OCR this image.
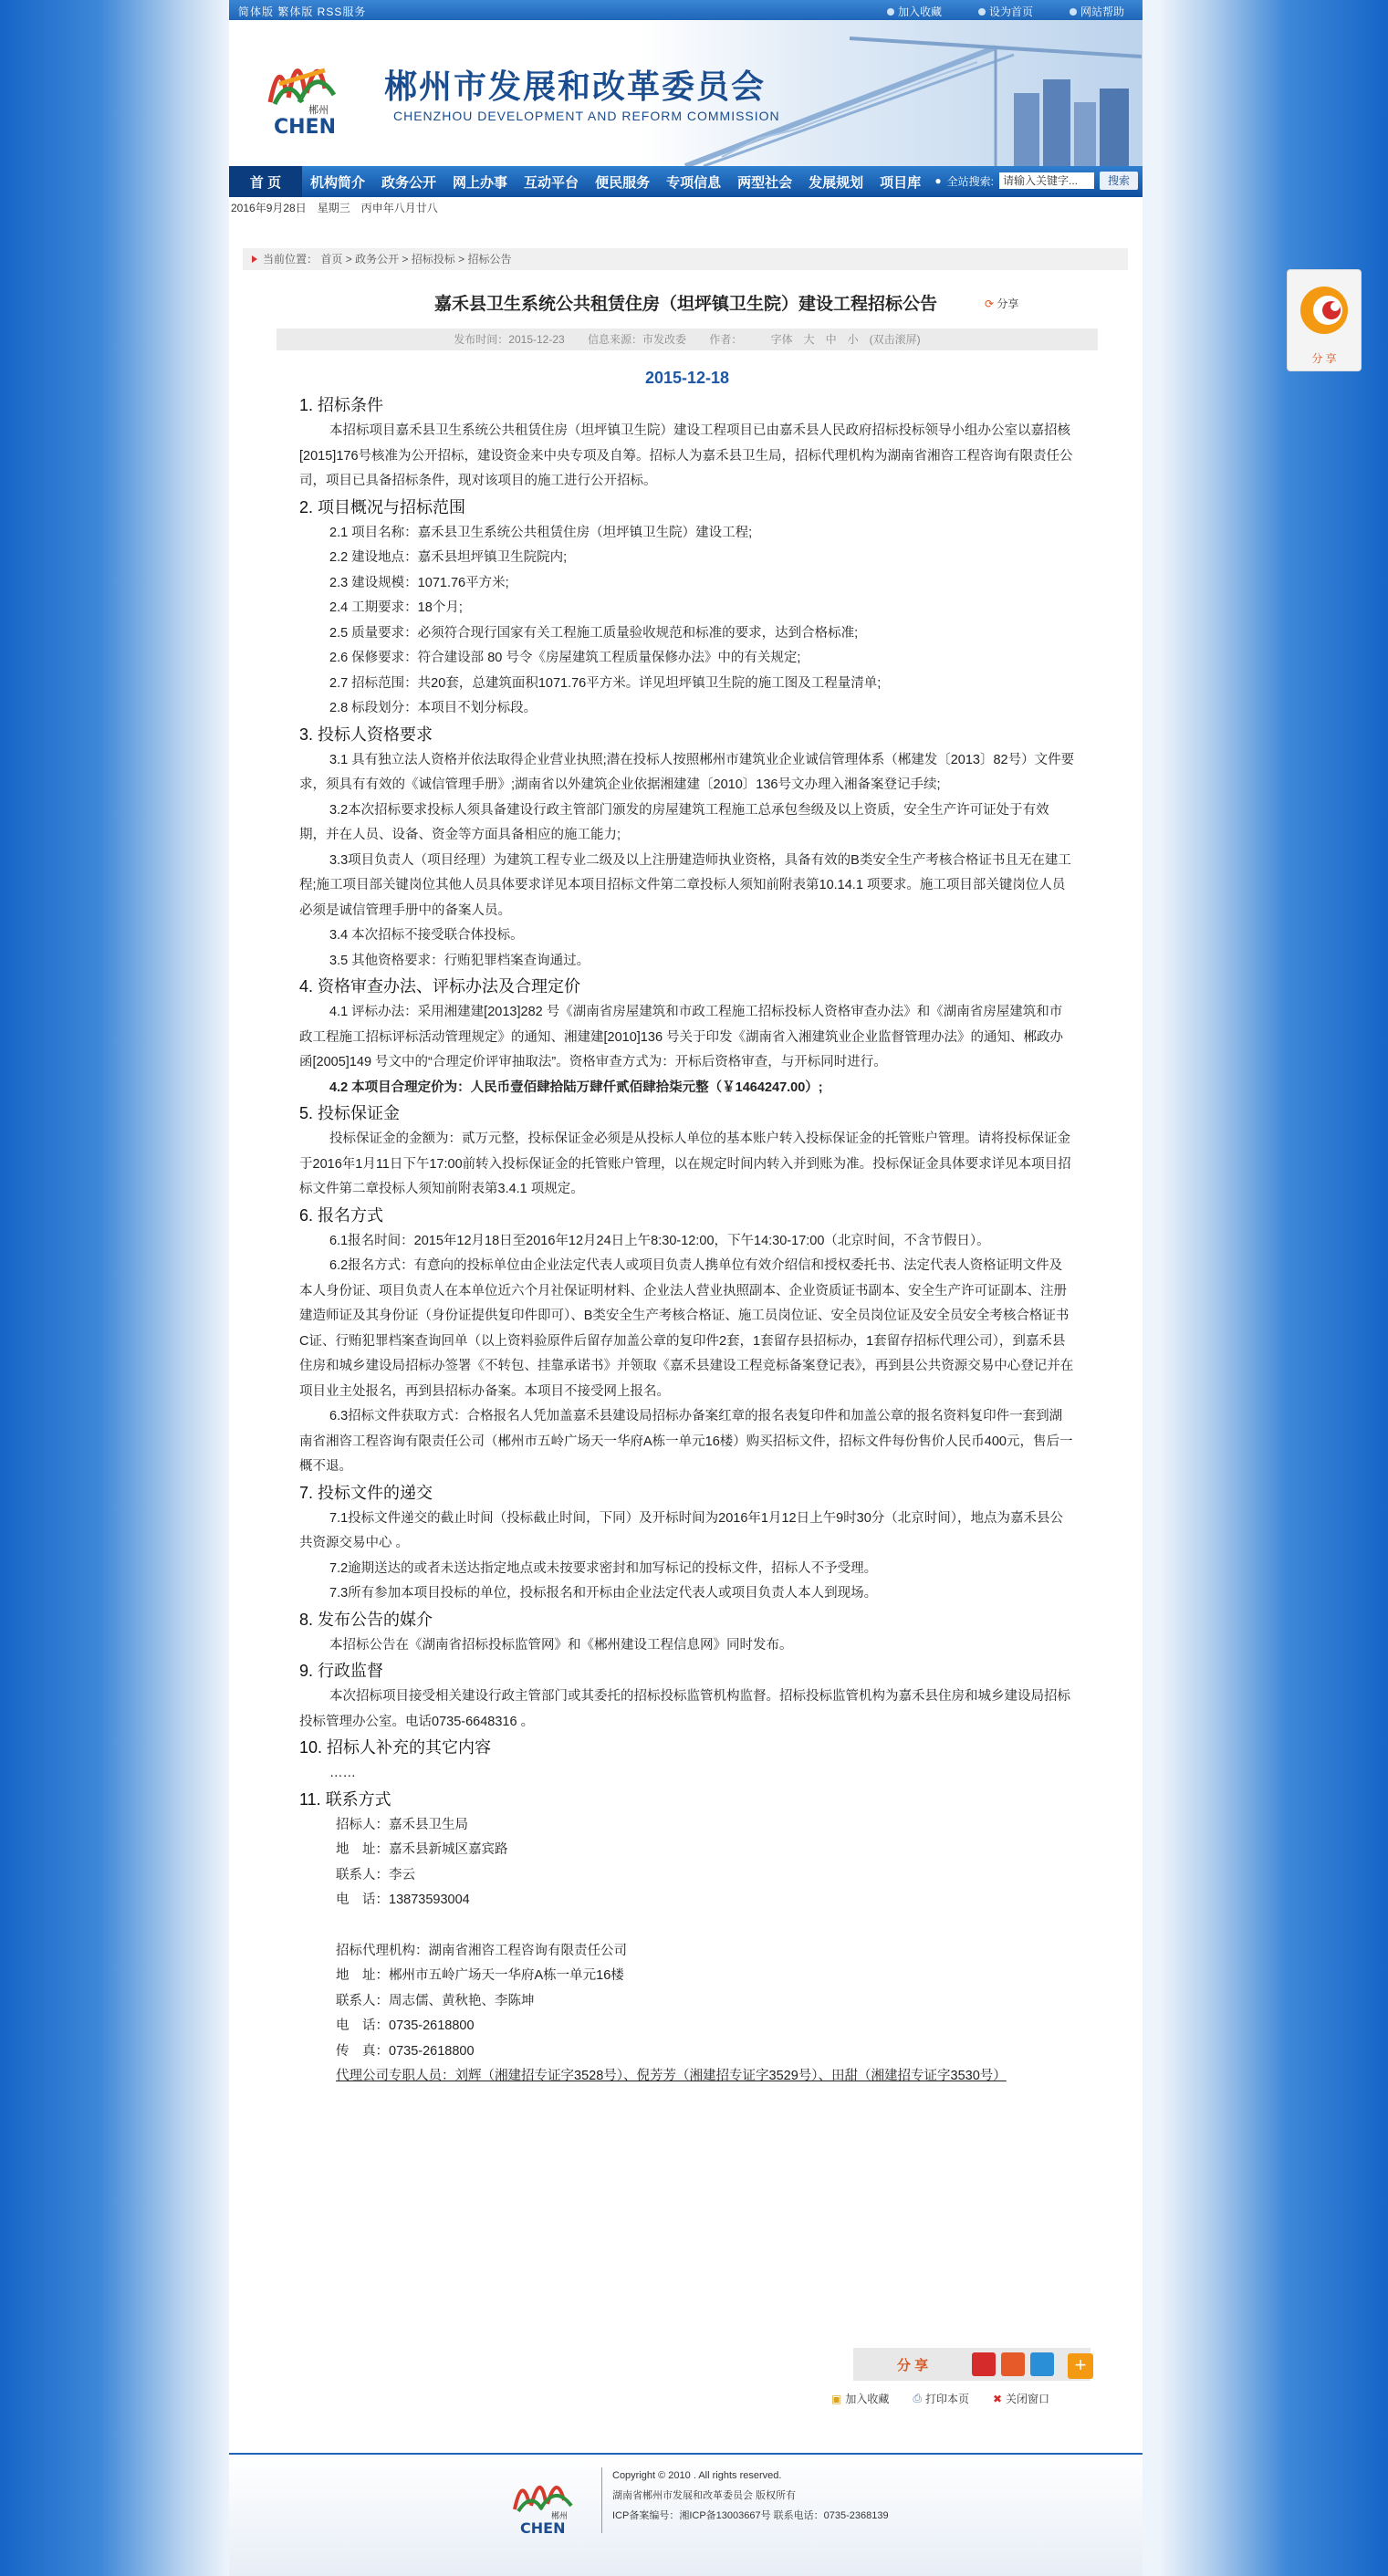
简体版 繁体版 RSS服务	加入收藏	设为首页	网站帮助
郴州
CHEN
郴州市发展和改革委员会
CHENZHOU DEVELOPMENT AND REFORM COMMISSION
首 页	机构简介	政务公开	网上办事	互动平台	便民服务	专项信息	两型社会	发展规划	项目库	● 全站搜索: 请输入关键字...	搜索
2016年9月28日　星期三　丙申年八月廿八
当前位置： 首页 > 政务公开 > 招标投标 > 招标公告
嘉禾县卫生系统公共租赁住房（坦坪镇卫生院）建设工程招标公告	⟳ 分享
发布时间：2015-12-23　 信息来源：市发改委　 作者：　　 字体　大　中　小　(双击滚屏)
2015-12-18
1. 招标条件

本招标项目嘉禾县卫生系统公共租赁住房（坦坪镇卫生院）建设工程项目已由嘉禾县人民政府招标投标领导小组办公室以嘉招核[2015]176号核准为公开招标，建设资金来中央专项及自筹。招标人为嘉禾县卫生局，招标代理机构为湖南省湘咨工程咨询有限责任公司，项目已具备招标条件，现对该项目的施工进行公开招标。

2. 项目概况与招标范围

2.1 项目名称：嘉禾县卫生系统公共租赁住房（坦坪镇卫生院）建设工程;

2.2 建设地点：嘉禾县坦坪镇卫生院院内;

2.3 建设规模：1071.76平方米;

2.4 工期要求：18个月;

2.5 质量要求：必须符合现行国家有关工程施工质量验收规范和标准的要求，达到合格标准;

2.6 保修要求：符合建设部 80 号令《房屋建筑工程质量保修办法》中的有关规定;

2.7 招标范围：共20套，总建筑面积1071.76平方米。详见坦坪镇卫生院的施工图及工程量清单;

2.8 标段划分：本项目不划分标段。

3. 投标人资格要求

3.1 具有独立法人资格并依法取得企业营业执照;潜在投标人按照郴州市建筑业企业诚信管理体系（郴建发〔2013〕82号）文件要求，须具有有效的《诚信管理手册》;湖南省以外建筑企业依据湘建建〔2010〕136号文办理入湘备案登记手续;

3.2本次招标要求投标人须具备建设行政主管部门颁发的房屋建筑工程施工总承包叁级及以上资质，安全生产许可证处于有效期，并在人员、设备、资金等方面具备相应的施工能力;

3.3项目负责人（项目经理）为建筑工程专业二级及以上注册建造师执业资格，具备有效的B类安全生产考核合格证书且无在建工程;施工项目部关键岗位其他人员具体要求详见本项目招标文件第二章投标人须知前附表第10.14.1 项要求。施工项目部关键岗位人员必须是诚信管理手册中的备案人员。

3.4 本次招标不接受联合体投标。

3.5 其他资格要求：行贿犯罪档案查询通过。

4. 资格审查办法、评标办法及合理定价

4.1 评标办法：采用湘建建[2013]282 号《湖南省房屋建筑和市政工程施工招标投标人资格审查办法》和《湖南省房屋建筑和市政工程施工招标评标活动管理规定》的通知、湘建建[2010]136 号关于印发《湖南省入湘建筑业企业监督管理办法》的通知、郴政办函[2005]149 号文中的“合理定价评审抽取法”。资格审查方式为：开标后资格审查，与开标同时进行。

4.2 本项目合理定价为：人民币壹佰肆拾陆万肆仟贰佰肆拾柒元整（￥1464247.00）;

5. 投标保证金

投标保证金的金额为：贰万元整，投标保证金必须是从投标人单位的基本账户转入投标保证金的托管账户管理。请将投标保证金于2016年1月11日下午17:00前转入投标保证金的托管账户管理，以在规定时间内转入并到账为准。投标保证金具体要求详见本项目招标文件第二章投标人须知前附表第3.4.1 项规定。

6. 报名方式

6.1报名时间：2015年12月18日至2016年12月24日上午8:30-12:00，下午14:30-17:00（北京时间，不含节假日）。

6.2报名方式：有意向的投标单位由企业法定代表人或项目负责人携单位有效介绍信和授权委托书、法定代表人资格证明文件及本人身份证、项目负责人在本单位近六个月社保证明材料、企业法人营业执照副本、企业资质证书副本、安全生产许可证副本、注册建造师证及其身份证（身份证提供复印件即可）、B类安全生产考核合格证、施工员岗位证、安全员岗位证及安全员安全考核合格证书C证、行贿犯罪档案查询回单（以上资料验原件后留存加盖公章的复印件2套，1套留存县招标办，1套留存招标代理公司），到嘉禾县住房和城乡建设局招标办签署《不转包、挂靠承诺书》并领取《嘉禾县建设工程竞标备案登记表》，再到县公共资源交易中心登记并在项目业主处报名，再到县招标办备案。本项目不接受网上报名。

6.3招标文件获取方式：合格报名人凭加盖嘉禾县建设局招标办备案红章的报名表复印件和加盖公章的报名资料复印件一套到湖南省湘咨工程咨询有限责任公司（郴州市五岭广场天一华府A栋一单元16楼）购买招标文件，招标文件每份售价人民币400元，售后一概不退。

7. 投标文件的递交

7.1投标文件递交的截止时间（投标截止时间，下同）及开标时间为2016年1月12日上午9时30分（北京时间），地点为嘉禾县公共资源交易中心 。

7.2逾期送达的或者未送达指定地点或未按要求密封和加写标记的投标文件，招标人不予受理。

7.3所有参加本项目投标的单位，投标报名和开标由企业法定代表人或项目负责人本人到现场。

8. 发布公告的媒介

本招标公告在《湖南省招标投标监管网》和《郴州建设工程信息网》同时发布。

9. 行政监督

本次招标项目接受相关建设行政主管部门或其委托的招标投标监管机构监督。招标投标监管机构为嘉禾县住房和城乡建设局招标投标管理办公室。电话0735-6648316 。

10. 招标人补充的其它内容

……

11. 联系方式

招标人：嘉禾县卫生局

地　址：嘉禾县新城区嘉宾路

联系人：李云

电　话：13873593004

招标代理机构：湖南省湘咨工程咨询有限责任公司

地　址：郴州市五岭广场天一华府A栋一单元16楼

联系人：周志儒、黄秋艳、李陈坤

电　话：0735-2618800

传　真：0735-2618800

代理公司专职人员：刘辉（湘建招专证字3528号）、倪芳芳（湘建招专证字3529号）、田甜（湘建招专证字3530号）

分 享	+
▣ 加入收藏 ⎙ 打印本页 ✖ 关闭窗口
郴州
CHEN
Copyright © 2010 . All rights reserved.
湖南省郴州市发展和改革委员会 版权所有
ICP备案编号：湘ICP备13003667号 联系电话：0735-2368139
分 享
